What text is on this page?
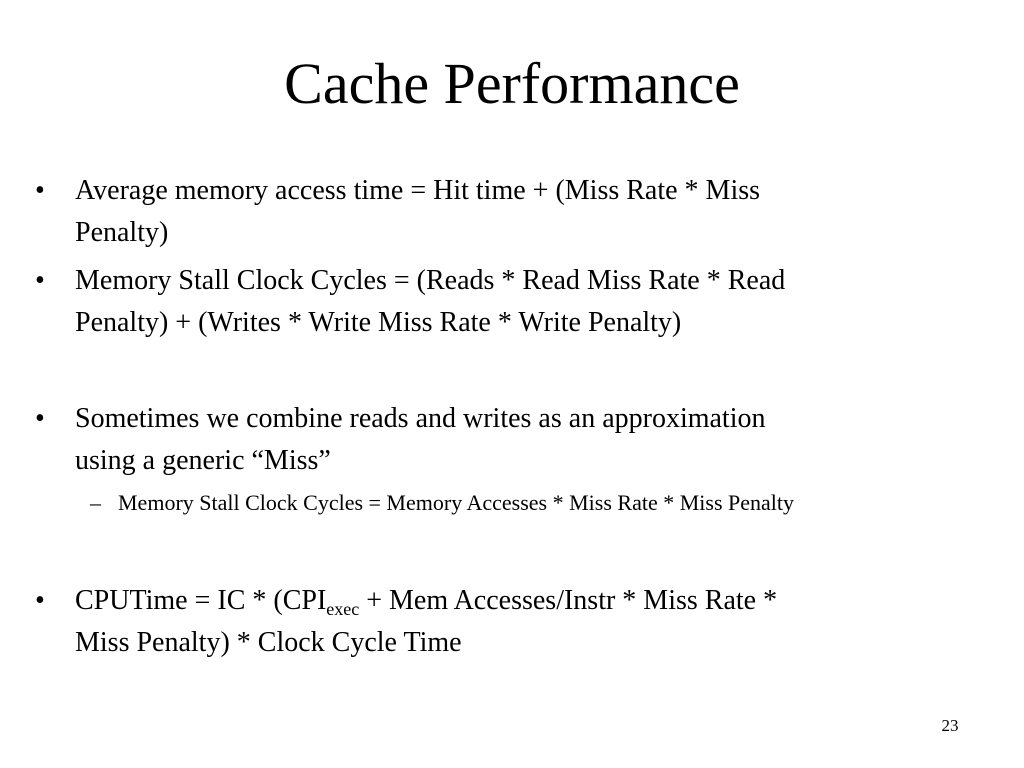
Cache Performance
• Average memory access time = Hit time + (Miss Rate * Miss
Penalty)
• Memory Stall Clock Cycles = (Reads * Read Miss Rate * Read
Penalty) + (Writes * Write Miss Rate * Write Penalty)
• Sometimes we combine reads and writes as an approximation
using a generic “Miss”
– Memory Stall Clock Cycles = Memory Accesses * Miss Rate * Miss Penalty
• CPUTime = IC * ($CPI_{exec}$ + Mem Accesses/Instr * Miss Rate *
Miss Penalty) * Clock Cycle Time
23
